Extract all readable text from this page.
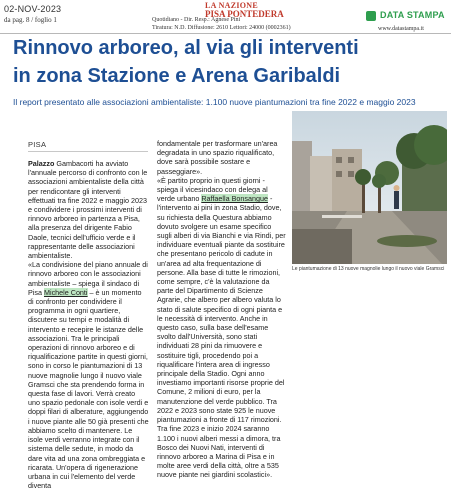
02-NOV-2023
da pag. 8 / foglio 1
LA NAZIONE
PISA PONTEDERA
Quotidiano - Dir. Resp.: Agnese Pini
Tiratura: N.D. Diffusione: 2610 Lettori: 24000 (0002361)
DATA STAMPA
www.datastampa.it
Rinnovo arboreo, al via gli interventi
in zona Stazione e Arena Garibaldi
Il report presentato alle associazioni ambientaliste: 1.100 nuove piantumazioni tra fine 2022 e maggio 2023
PISA

Palazzo Gambacorti ha avviato l'annuale percorso di confronto con le associazioni ambientaliste della città per rendicontare gli interventi effettuati tra fine 2022 e maggio 2023 e condividere i prossimi interventi di rinnovo arboreo in partenza a Pisa, alla presenza del dirigente Fabio Daole, tecnici dell'ufficio verde e il rappresentante delle associazioni ambientaliste.

«La condivisione del piano annuale di rinnovo arboreo con le associazioni ambientaliste – spiega il sindaco di Pisa Michele Conti – è un momento di confronto per condividere il programma in ogni quartiere, discutere su tempi e modalità di intervento e recepire le istanze delle associazioni. Tra le principali operazioni di rinnovo arboreo e di riqualificazione partite in questi giorni, sono in corso le piantumazioni di 13 nuove magnolie lungo il nuovo viale Gramsci che sta prendendo forma in questa fase di lavori. Verrà creato uno spazio pedonale con isole verdi e doppi filari di alberature, aggiungendo i nuove piante alle 50 già presenti che abbiamo scelto di mantenere. Le isole verdi verranno integrate con il sistema delle sedute, in modo da dare vita ad una zona ombreggiata e ricarata. Un'opera di rigenerazione urbana in cui l'elemento del verde diventa

fondamentale per trasformare un'area degradata in uno spazio riqualificato, dove sarà possibile sostare e passeggiare».

«È partito proprio in questi giorni - spiega il vicesindaco con delega al verde urbano Raffaella Bonsangue - l'intervento ai pini in zona Stadio, dove, su richiesta della Questura abbiamo dovuto svolgere un esame specifico sugli alberi di via Bianchi e via Rindi, per individuare eventuali piante da sostituire che presentano pericolo di cadute in un'area ad alta frequentazione di persone. Alla base di tutte le rimozioni, come sempre, c'è la valutazione da parte del Dipartimento di Scienze Agrarie, che albero per albero valuta lo stato di salute specifico di ogni pianta e le necessità di intervento. Anche in questo caso, sulla base dell'esame svolto dall'Università, sono stati individuati 28 pini da rimuovere e sostituire tigli, procedendo poi a riqualificare l'intera area di ingresso principale della Stadio. Ogni anno investiamo importanti risorse proprie del Comune, 2 milioni di euro, per la manutenzione del verde pubblico. Tra 2022 e 2023 sono state 925 le nuove piantumazioni a fronte di 117 rimozioni. Tra fine 2023 e inizio 2024 saranno 1.100 i nuovi alberi messi a dimora, tra Bosco dei Nuovi Nati, interventi di rinnovo arboreo a Marina di Pisa e in molte aree verdi della città, oltre a 535 nuove piante nei giardini scolastici».

Le piantumazione di 13 nuove magnolie lungo il nuovo viale Gramsci
